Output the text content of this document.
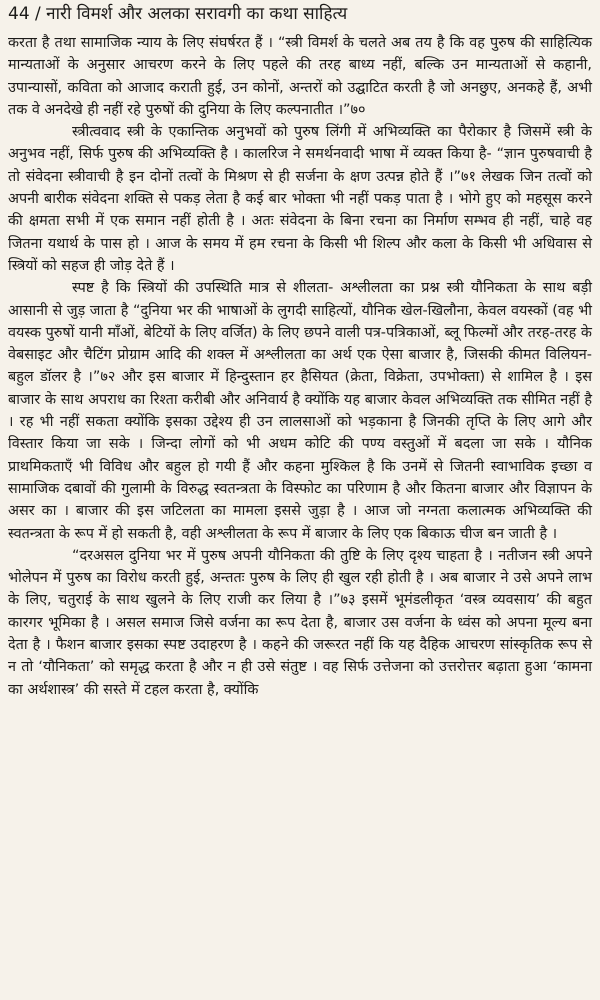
44 / नारी विमर्श और अलका सरावगी का कथा साहित्य

करता है तथा सामाजिक न्याय के लिए संघर्षरत हैं । “स्त्री विमर्श के चलते अब तय है कि वह पुरुष की साहित्यिक मान्यताओं के अनुसार आचरण करने के लिए पहले की तरह बाध्य नहीं, बल्कि उन मान्यताओं से कहानी, उपान्यासों, कविता को आजाद कराती हुई, उन कोनों, अन्तरों को उद्घाटित करती है जो अनछुए, अनकहे हैं, अभी तक वे अनदेखे ही नहीं रहे पुरुषों की दुनिया के लिए कल्पनातीत ।”७०

स्त्रीत्ववाद स्त्री के एकान्तिक अनुभवों को पुरुष लिंगी में अभिव्यक्ति का पैरोकार है जिसमें स्त्री के अनुभव नहीं, सिर्फ पुरुष की अभिव्यक्ति है । कालरिज ने समर्थनवादी भाषा में व्यक्त किया है- “ज्ञान पुरुषवाची है तो संवेदना स्त्रीवाची है इन दोनों तत्वों के मिश्रण से ही सर्जना के क्षण उत्पन्न होते हैं ।”७१ लेखक जिन तत्वों को अपनी बारीक संवेदना शक्ति से पकड़ लेता है कई बार भोक्ता भी नहीं पकड़ पाता है । भोगे हुए को महसूस करने की क्षमता सभी में एक समान नहीं होती है । अतः संवेदना के बिना रचना का निर्माण सम्भव ही नहीं, चाहे वह जितना यथार्थ के पास हो । आज के समय में हम रचना के किसी भी शिल्प और कला के किसी भी अधिवास से स्त्रियों को सहज ही जोड़ देते हैं ।

स्पष्ट है कि स्त्रियों की उपस्थिति मात्र से शीलता- अश्लीलता का प्रश्न स्त्री यौनिकता के साथ बड़ी आसानी से जुड़ जाता है “दुनिया भर की भाषाओं के लुगदी साहित्यों, यौनिक खेल-खिलौना, केवल वयस्कों (वह भी वयस्क पुरुषों यानी माँओं, बेटियों के लिए वर्जित) के लिए छपने वाली पत्र-पत्रिकाओं, ब्लू फिल्मों और तरह-तरह के वेबसाइट और चैटिंग प्रोग्राम आदि की शक्ल में अश्लीलता का अर्थ एक ऐसा बाजार है, जिसकी कीमत विलियन-बहुल डॉलर है ।”७२ और इस बाजार में हिन्दुस्तान हर हैसियत (क्रेता, विक्रेता, उपभोक्ता) से शामिल है । इस बाजार के साथ अपराध का रिश्ता करीबी और अनिवार्य है क्योंकि यह बाजार केवल अभिव्यक्ति तक सीमित नहीं है । रह भी नहीं सकता क्योंकि इसका उद्देश्य ही उन लालसाओं को भड़काना है जिनकी तृप्ति के लिए आगे और विस्तार किया जा सके । जिन्दा लोगों को भी अधम कोटि की पण्य वस्तुओं में बदला जा सके । यौनिक प्राथमिकताएँ भी विविध और बहुल हो गयी हैं और कहना मुश्किल है कि उनमें से जितनी स्वाभाविक इच्छा व सामाजिक दबावों की गुलामी के विरुद्ध स्वतन्त्रता के विस्फोट का परिणाम है और कितना बाजार और विज्ञापन के असर का । बाजार की इस जटिलता का मामला इससे जुड़ा है । आज जो नग्नता कलात्मक अभिव्यक्ति की स्वतन्त्रता के रूप में हो सकती है, वही अश्लीलता के रूप में बाजार के लिए एक बिकाऊ चीज बन जाती है ।

“दरअसल दुनिया भर में पुरुष अपनी यौनिकता की तुष्टि के लिए दृश्य चाहता है । नतीजन स्त्री अपने भोलेपन में पुरुष का विरोध करती हुई, अन्ततः पुरुष के लिए ही खुल रही होती है । अब बाजार ने उसे अपने लाभ के लिए, चतुराई के साथ खुलने के लिए राजी कर लिया है ।”७३ इसमें भूमंडलीकृत ‘वस्त्र व्यवसाय’ की बहुत कारगर भूमिका है । असल समाज जिसे वर्जना का रूप देता है, बाजार उस वर्जना के ध्वंस को अपना मूल्य बना देता है । फैशन बाजार इसका स्पष्ट उदाहरण है । कहने की जरूरत नहीं कि यह दैहिक आचरण सांस्कृतिक रूप से न तो ‘यौनिकता’ को समृद्ध करता है और न ही उसे संतुष्ट । वह सिर्फ उत्तेजना को उत्तरोत्तर बढ़ाता हुआ ‘कामना का अर्थशास्त्र’ की सस्ते में टहल करता है, क्योंकि
